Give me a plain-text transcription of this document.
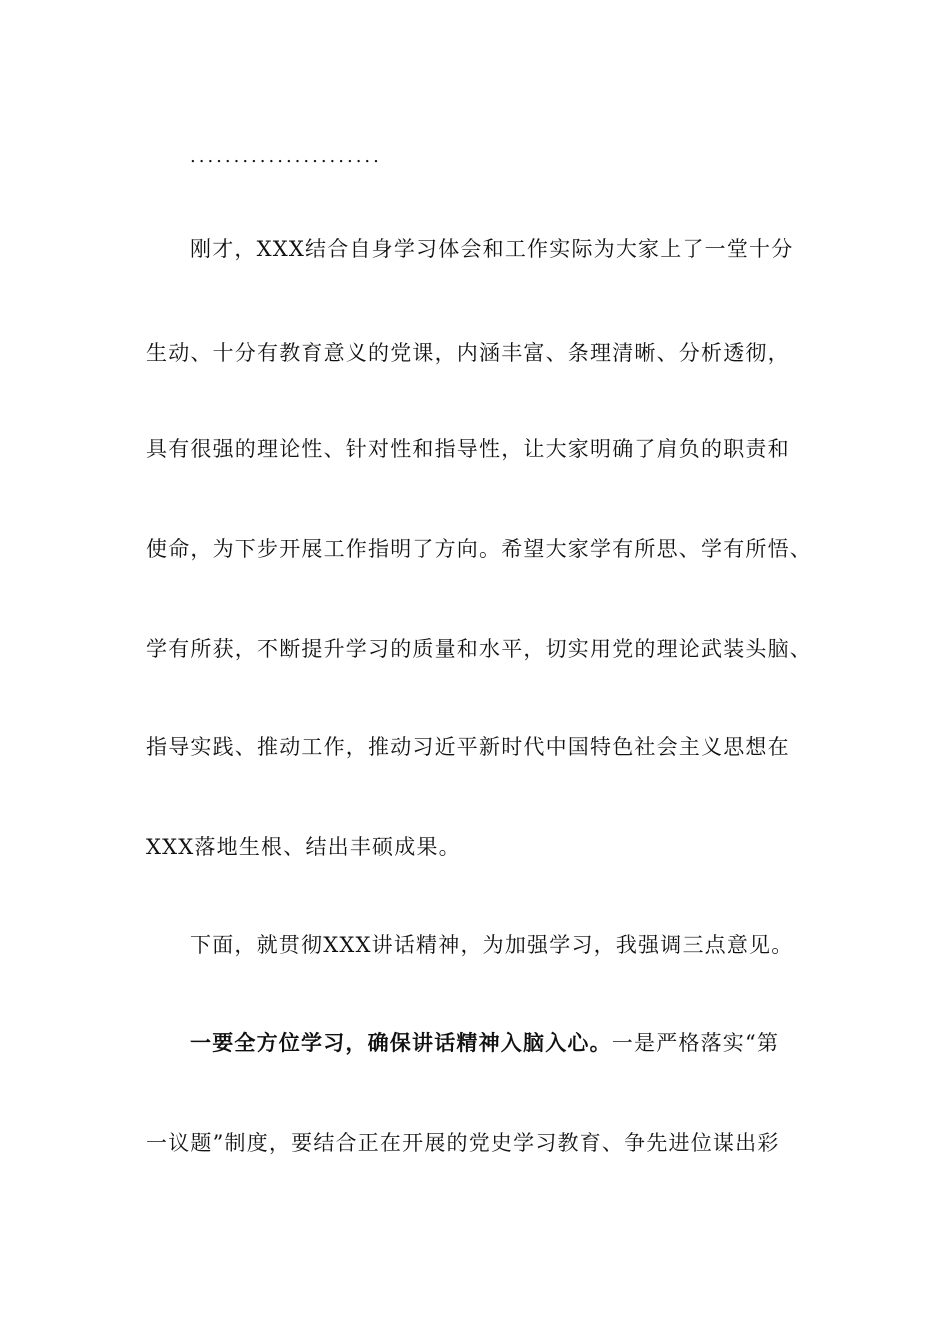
......................

刚才，XXX结合自身学习体会和工作实际为大家上了一堂十分

生动、十分有教育意义的党课，内涵丰富、条理清晰、分析透彻，

具有很强的理论性、针对性和指导性，让大家明确了肩负的职责和

使命，为下步开展工作指明了方向。希望大家学有所思、学有所悟、

学有所获，不断提升学习的质量和水平，切实用党的理论武装头脑、

指导实践、推动工作，推动习近平新时代中国特色社会主义思想在

XXX落地生根、结出丰硕成果。

下面，就贯彻XXX讲话精神，为加强学习，我强调三点意见。

一要全方位学习，确保讲话精神入脑入心。一是严格落实“第

一议题”制度，要结合正在开展的党史学习教育、争先进位谋出彩
